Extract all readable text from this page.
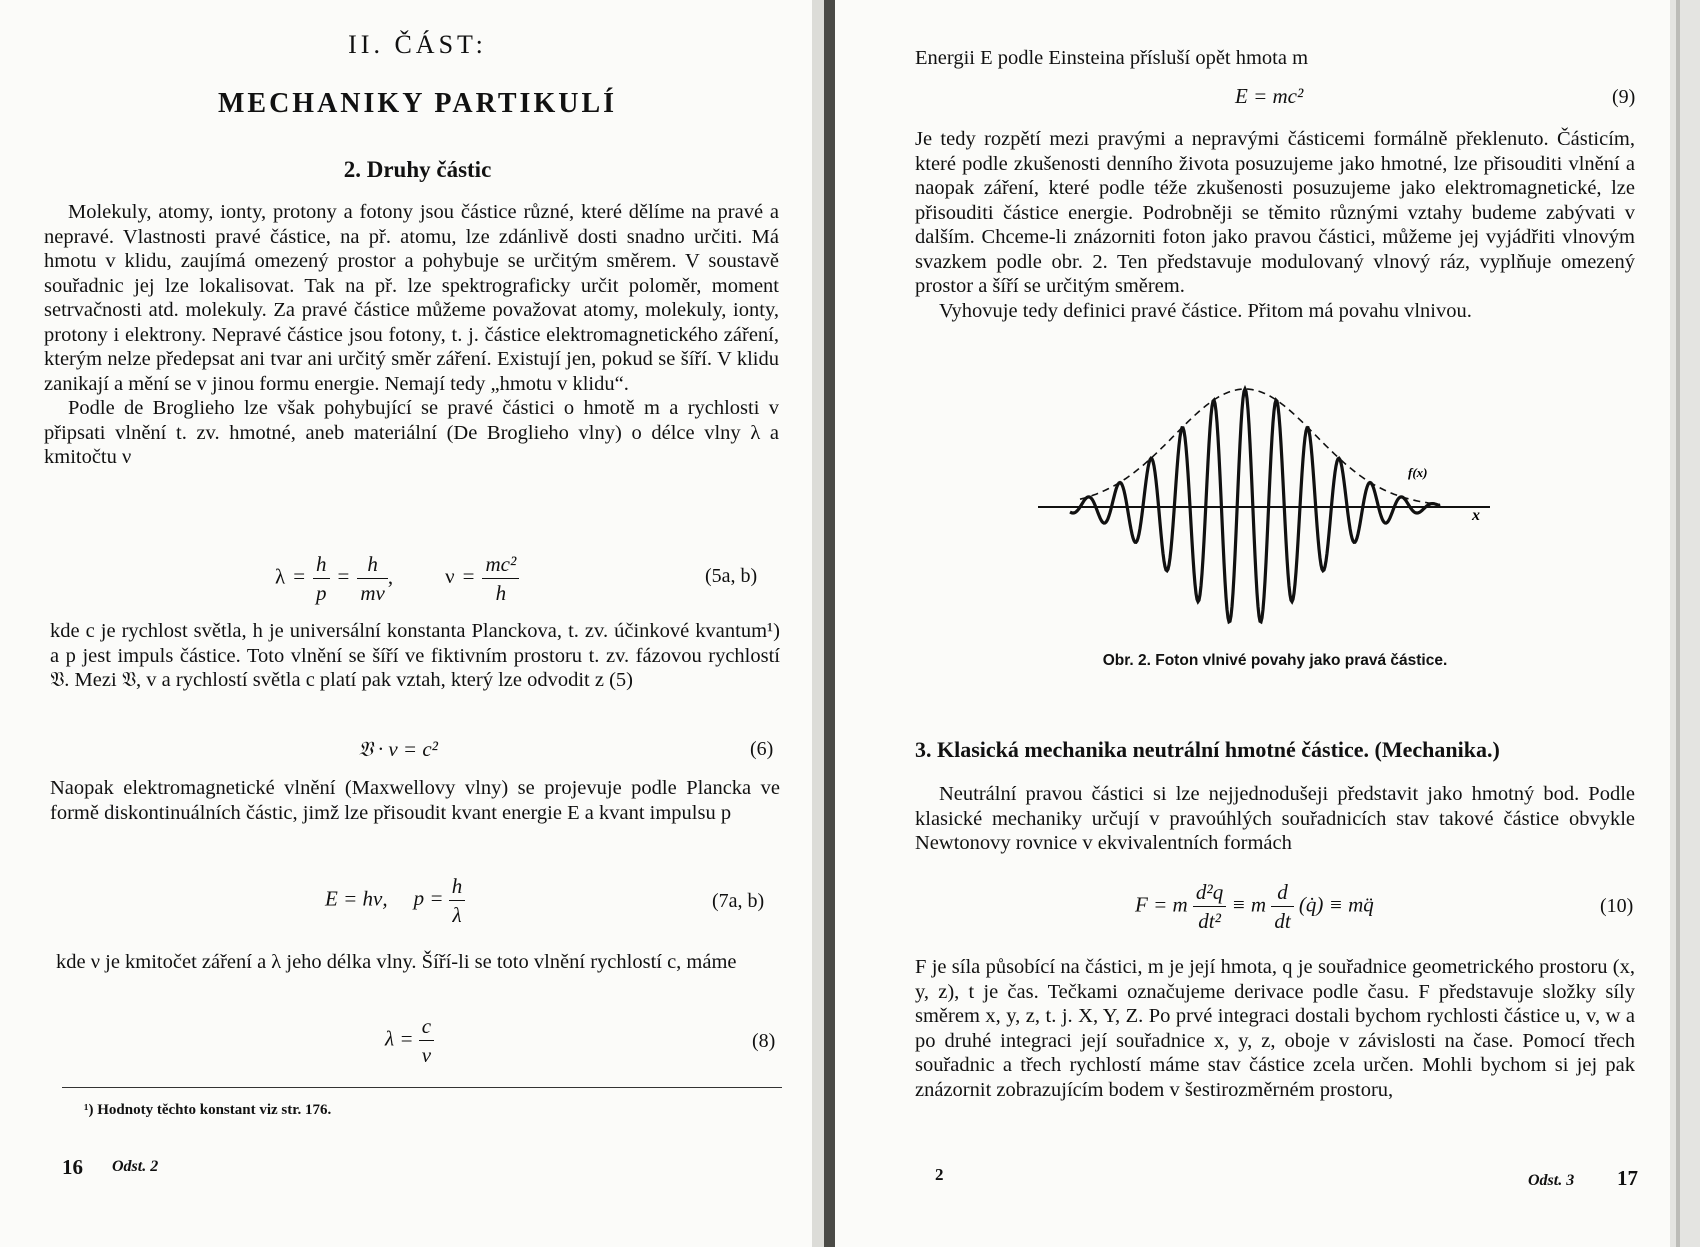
II. ČÁST:
MECHANIKY PARTIKULÍ
2. Druhy částic

Molekuly, atomy, ionty, protony a fotony jsou částice různé, které dělíme na pravé a nepravé. Vlastnosti pravé částice, na př. atomu, lze zdánlivě dosti snadno určiti. Má hmotu v klidu, zaujímá omezený prostor a pohybuje se určitým směrem. V soustavě souřadnic jej lze lokalisovat. Tak na př. lze spektrograficky určit poloměr, moment setrvačnosti atd. molekuly. Za pravé částice můžeme považovat atomy, molekuly, ionty, protony i elektrony. Nepravé částice jsou fotony, t. j. částice elektromagnetického záření, kterým nelze předepsat ani tvar ani určitý směr záření. Existují jen, pokud se šíří. V klidu zanikají a mění se v jinou formu energie. Nemají tedy „hmotu v klidu“.

Podle de Broglieho lze však pohybující se pravé částici o hmotě m a rychlosti v připsati vlnění t. zv. hmotné, aneb materiální (De Broglieho vlny) o délce vlny λ a kmitočtu ν

$\lambda = \frac{h}{p} = \frac{h}{mv}$ , $\nu = \frac{\text{mc²}}{h}$	(5a, b)

kde c je rychlost světla, h je universální konstanta Planckova, t. zv. účinkové kvantum¹) a p jest impuls částice. Toto vlnění se šíří ve fiktivním prostoru t. zv. fázovou rychlostí 𝔙. Mezi 𝔙, v a rychlostí světla c platí pak vztah, který lze odvodit z (5)

𝔙 · v = c²	(6)

Naopak elektromagnetické vlnění (Maxwellovy vlny) se projevuje podle Plancka ve formě diskontinuálních částic, jimž lze přisoudit kvant energie E a kvant impulsu p

E = hν, $p = \frac{h}{\lambda}$	(7a, b)

kde ν je kmitočet záření a λ jeho délka vlny. Šíří-li se toto vlnění rychlostí c, máme

$\lambda = \frac{c}{\nu}$	(8)
¹) Hodnoty těchto konstant viz str. 176.
16 Odst. 2
Energii E podle Einsteina přísluší opět hmota m
E = mc²	(9)

Je tedy rozpětí mezi pravými a nepravými částicemi formálně překlenuto. Částicím, které podle zkušenosti denního života posuzujeme jako hmotné, lze přisouditi vlnění a naopak záření, které podle téže zkušenosti posuzujeme jako elektromagnetické, lze přisouditi částice energie. Podrobněji se těmito různými vztahy budeme zabývati v dalším. Chceme-li znázorniti foton jako pravou částici, můžeme jej vyjádřiti vlnovým svazkem podle obr. 2. Ten představuje modulovaný vlnový ráz, vyplňuje omezený prostor a šíří se určitým směrem.

Vyhovuje tedy definici pravé částice. Přitom má povahu vlnivou.

f(x)
x
Obr. 2. Foton vlnivé povahy jako pravá částice.
3. Klasická mechanika neutrální hmotné částice. (Mechanika.)

Neutrální pravou částici si lze nejjednodušeji představit jako hmotný bod. Podle klasické mechaniky určují v pravoúhlých souřadnicích stav takové částice obvykle Newtonovy rovnice v ekvivalentních formách

F = m $\frac{\text{d²q}}{\text{dt²}} \equiv m \frac{d}{dt}$ (q̇) ≡ mq̈	(10)

F je síla působící na částici, m je její hmota, q je souřadnice geometrického prostoru (x, y, z), t je čas. Tečkami označujeme derivace podle času. F představuje složky síly směrem x, y, z, t. j. X, Y, Z. Po prvé integraci dostali bychom rychlosti částice u, v, w a po druhé integraci její souřadnice x, y, z, oboje v závislosti na čase. Pomocí třech souřadnic a třech rychlostí máme stav částice zcela určen. Mohli bychom si jej pak znázornit zobrazujícím bodem v šestirozměrném prostoru,

2	Odst. 3 17
